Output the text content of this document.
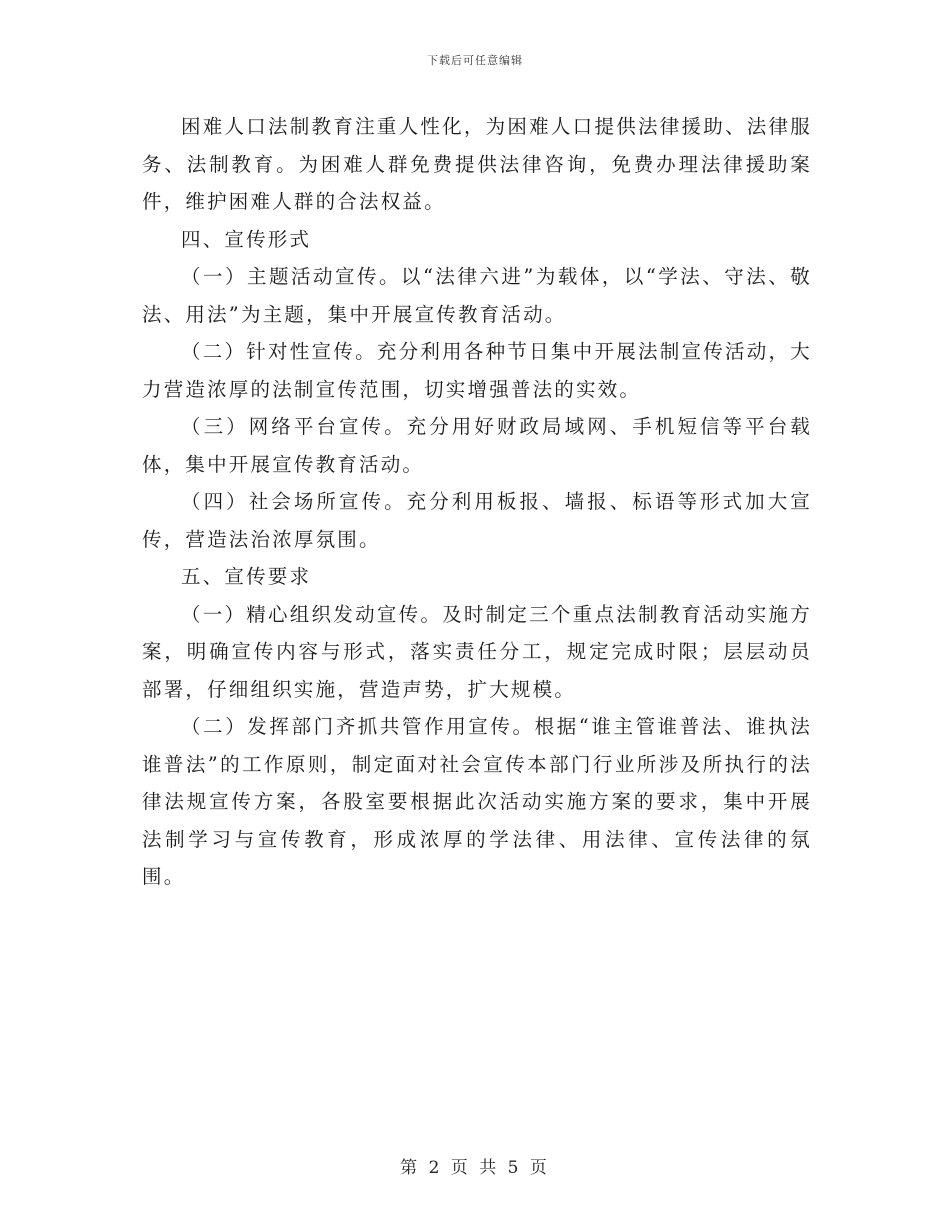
下载后可任意编辑

困难人口法制教育注重人性化，为困难人口提供法律援助、法律服务、法制教育。为困难人群免费提供法律咨询，免费办理法律援助案件，维护困难人群的合法权益。

四、宣传形式

（一）主题活动宣传。以“法律六进”为载体，以“学法、守法、敬法、用法”为主题，集中开展宣传教育活动。

（二）针对性宣传。充分利用各种节日集中开展法制宣传活动，大力营造浓厚的法制宣传范围，切实增强普法的实效。

（三）网络平台宣传。充分用好财政局域网、手机短信等平台载体，集中开展宣传教育活动。

（四）社会场所宣传。充分利用板报、墙报、标语等形式加大宣传，营造法治浓厚氛围。

五、宣传要求

（一）精心组织发动宣传。及时制定三个重点法制教育活动实施方案，明确宣传内容与形式，落实责任分工，规定完成时限；层层动员部署，仔细组织实施，营造声势，扩大规模。

（二）发挥部门齐抓共管作用宣传。根据“谁主管谁普法、谁执法谁普法”的工作原则，制定面对社会宣传本部门行业所涉及所执行的法律法规宣传方案，各股室要根据此次活动实施方案的要求，集中开展法制学习与宣传教育，形成浓厚的学法律、用法律、宣传法律的氛围。

第 2 页 共 5 页
